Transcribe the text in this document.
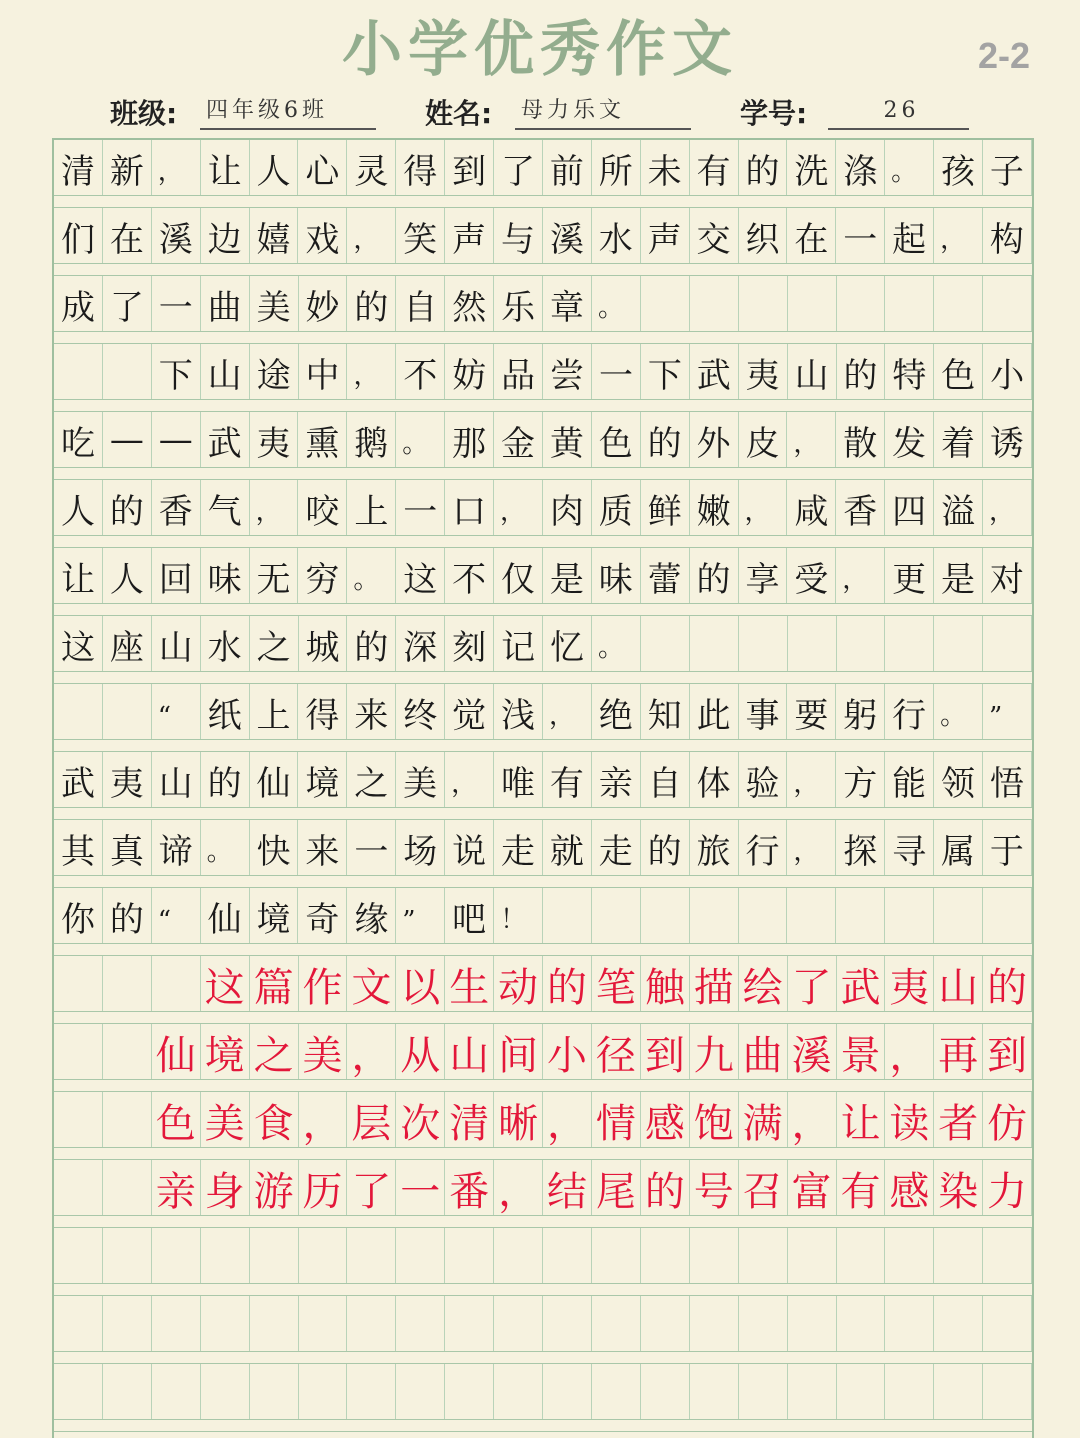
小学优秀作文	2-2
班级: 四年级6班	姓名: 母力乐文	学号:	26
清 新 ， 让 人 心 灵 得 到 了 前 所 未 有 的 洗 涤 。 孩 子
们 在 溪 边 嬉 戏 ， 笑 声 与 溪 水 声 交 织 在 一 起 ， 构
成 了 一 曲 美 妙 的 自 然 乐 章 。
下 山 途 中 ， 不 妨 品 尝 一 下 武 夷 山 的 特 色 小
吃 — — 武 夷 熏 鹅 。 那 金 黄 色 的 外 皮 ， 散 发 着 诱
人 的 香 气 ， 咬 上 一 口 ， 肉 质 鲜 嫩 ， 咸 香 四 溢 ，
让 人 回 味 无 穷 。 这 不 仅 是 味 蕾 的 享 受 ， 更 是 对
这 座 山 水 之 城 的 深 刻 记 忆 。
“	纸 上 得 来 终 觉 浅 ， 绝 知 此 事 要 躬 行 。 ”
武 夷 山 的 仙 境 之 美 ， 唯 有 亲 自 体 验 ， 方 能 领 悟
其 真 谛 。 快 来 一 场 说 走 就 走 的 旅 行 ， 探 寻 属 于
你 的 “	仙 境 奇 缘 ”	吧 ！
这 篇 作 文 以 生 动 的 笔 触 描 绘 了 武 夷 山 的
仙 境 之 美 ， 从 山 间 小 径 到 九 曲 溪 景 ， 再 到
色 美 食 ， 层 次 清 晰 ， 情 感 饱 满 ， 让 读 者 仿
亲 身 游 历 了 一 番 ， 结 尾 的 号 召 富 有 感 染 力
